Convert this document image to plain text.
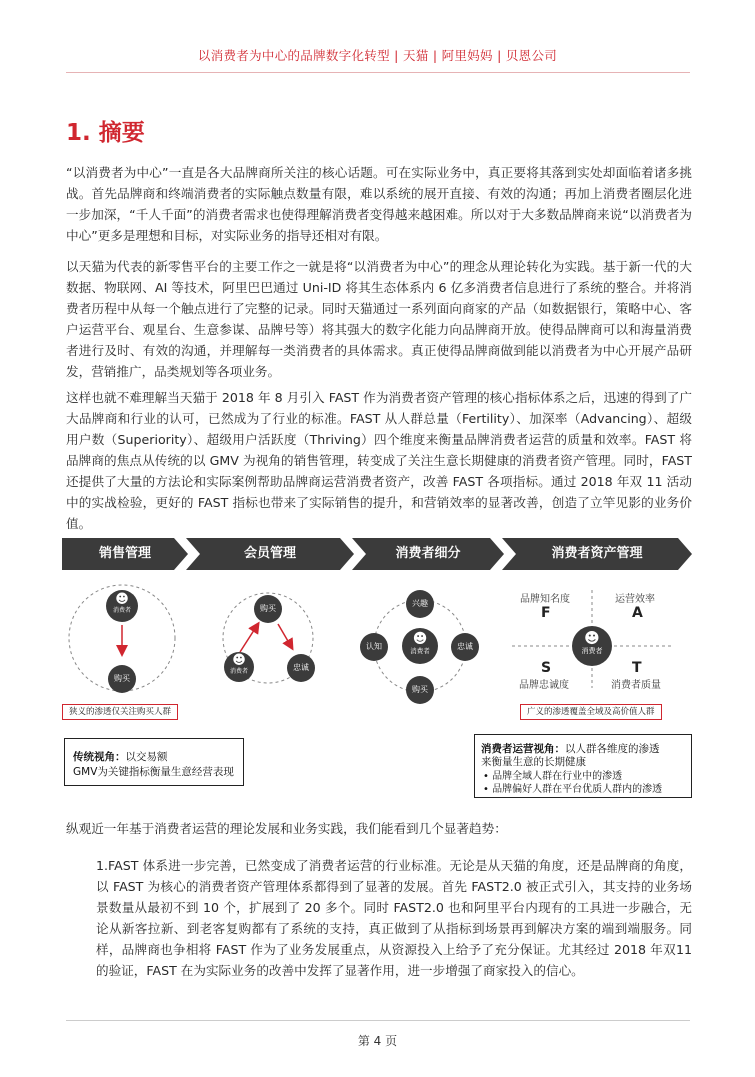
以消费者为中心的品牌数字化转型 | 天猫 | 阿里妈妈 | 贝恩公司
1. 摘要

“以消费者为中心”一直是各大品牌商所关注的核心话题。可在实际业务中，真正要将其落到实处却面临着诸多挑战。首先品牌商和终端消费者的实际触点数量有限，难以系统的展开直接、有效的沟通；再加上消费者圈层化进一步加深，“千人千面”的消费者需求也使得理解消费者变得越来越困难。所以对于大多数品牌商来说“以消费者为中心”更多是理想和目标，对实际业务的指导还相对有限。

以天猫为代表的新零售平台的主要工作之一就是将“以消费者为中心”的理念从理论转化为实践。基于新一代的大数据、物联网、AI 等技术，阿里巴巴通过 Uni-ID 将其生态体系内 6 亿多消费者信息进行了系统的整合。并将消费者历程中从每一个触点进行了完整的记录。同时天猫通过一系列面向商家的产品（如数据银行，策略中心、客户运营平台、观星台、生意参谋、品牌号等）将其强大的数字化能力向品牌商开放。使得品牌商可以和海量消费者进行及时、有效的沟通，并理解每一类消费者的具体需求。真正使得品牌商做到能以消费者为中心开展产品研发，营销推广，品类规划等各项业务。

这样也就不难理解当天猫于 2018 年 8 月引入 FAST 作为消费者资产管理的核心指标体系之后，迅速的得到了广大品牌商和行业的认可，已然成为了行业的标准。FAST 从人群总量（Fertility）、加深率（Advancing）、超级用户数（Superiority）、超级用户活跃度（Thriving）四个维度来衡量品牌消费者运营的质量和效率。FAST 将品牌商的焦点从传统的以 GMV 为视角的销售管理，转变成了关注生意长期健康的消费者资产管理。同时，FAST 还提供了大量的方法论和实际案例帮助品牌商运营消费者资产，改善 FAST 各项指标。通过 2018 年双 11 活动中的实战检验，更好的 FAST 指标也带来了实际销售的提升，和营销效率的显著改善，创造了立竿见影的业务价值。

销售管理	会员管理	消费者细分	消费者资产管理
☻
消费者
购买
购买
☻
消费者	忠诚
兴趣
认知	忠诚
☻
消费者
购买
☻
消费者
品牌知名度
F
运营效率
A
S
品牌忠诚度
T
消费者质量
狭义的渗透仅关注购买人群	广义的渗透覆盖全域及高价值人群
传统视角：以交易额
GMV为关键指标衡量生意经营表现
消费者运营视角：以人群各维度的渗透
来衡量生意的长期健康
• 品牌全域人群在行业中的渗透
• 品牌偏好人群在平台优质人群内的渗透

纵观近一年基于消费者运营的理论发展和业务实践，我们能看到几个显著趋势：

1.FAST 体系进一步完善，已然变成了消费者运营的行业标准。无论是从天猫的角度，还是品牌商的角度，以 FAST 为核心的消费者资产管理体系都得到了显著的发展。首先 FAST2.0 被正式引入，其支持的业务场景数量从最初不到 10 个，扩展到了 20 多个。同时 FAST2.0 也和阿里平台内现有的工具进一步融合，无论从新客拉新、到老客复购都有了系统的支持，真正做到了从指标到场景再到解决方案的端到端服务。同样，品牌商也争相将 FAST 作为了业务发展重点，从资源投入上给予了充分保证。尤其经过 2018 年双11 的验证，FAST 在为实际业务的改善中发挥了显著作用，进一步增强了商家投入的信心。

第 4 页
